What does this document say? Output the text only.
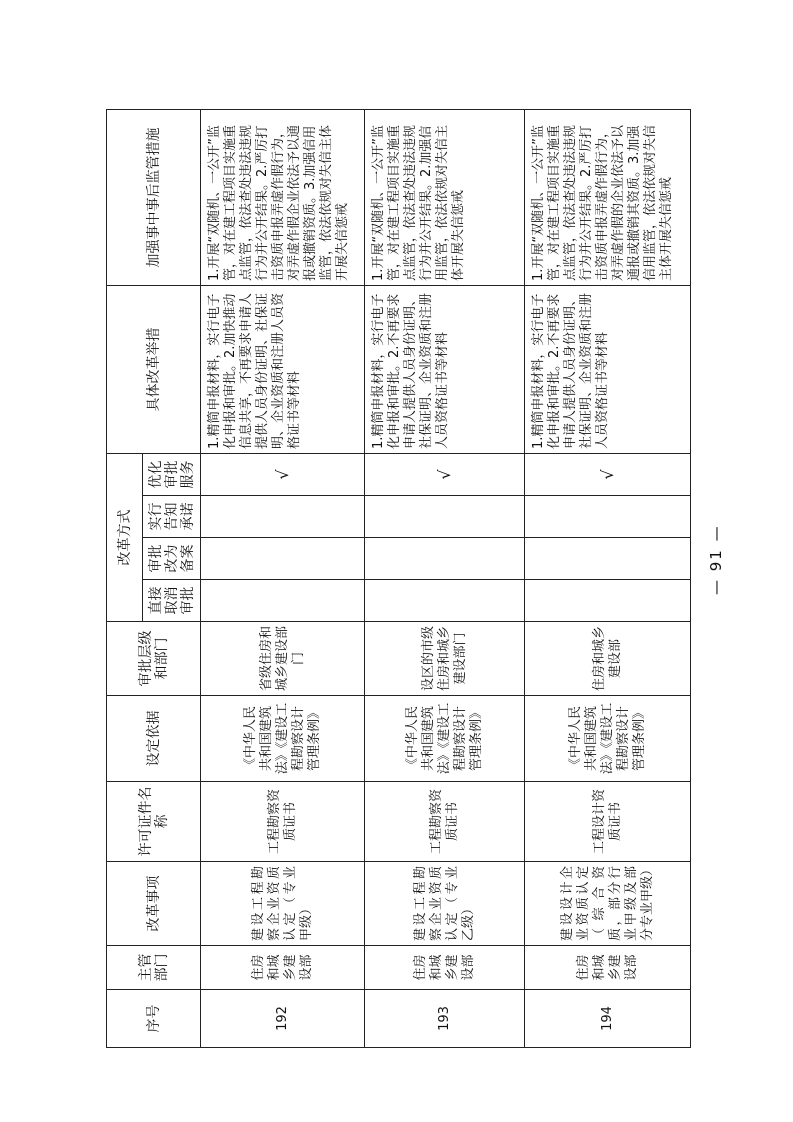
序号	主管部门	改革事项	许可证件名称	设定依据	审批层级和部门	改革方式				具体改革举措	加强事中事后监管措施
						直接取消审批	审批改为备案	实行告知承诺	优化审批服务		
192	住房和城乡建设部	建设工程勘察企业资质认定（专业甲级）	工程勘察资质证书	《中华人民共和国建筑法》《建设工程勘察设计管理条例》	省级住房和城乡建设部门				√	1.精简申报材料，实行电子化申报和审批。2.加快推动信息共享，不再要求申请人提供人员身份证明、社保证明、企业资质和注册人员资格证书等材料	1.开展“双随机、一公开”监管，对在建工程项目实施重点监管，依法查处违法违规行为并公开结果。2.严厉打击资质申报弄虚作假行为，对弄虚作假企业依法予以通报或撤销资质。3.加强信用监管，依法依规对失信主体开展失信惩戒
193	住房和城乡建设部	建设工程勘察企业资质认定（专业乙级）	工程勘察资质证书	《中华人民共和国建筑法》《建设工程勘察设计管理条例》	设区的市级住房和城乡建设部门				√	1.精简申报材料，实行电子化申报和审批。2.不再要求申请人提供人员身份证明、社保证明、企业资质和注册人员资格证书等材料	1.开展“双随机、一公开”监管，对在建工程项目实施重点监管，依法查处违法违规行为并公开结果。2.加强信用监管，依法依规对失信主体开展失信惩戒
194	住房和城乡建设部	建设设计企业资质认定（综合资质，部分行业甲级及部分专业甲级）	工程设计资质证书	《中华人民共和国建筑法》《建设工程勘察设计管理条例》	住房和城乡建设部				√	1.精简申报材料，实行电子化申报和审批。2.不再要求申请人提供人员身份证明、社保证明、企业资质和注册人员资格证书等材料	1.开展“双随机、一公开”监管，对在建工程项目实施重点监管，依法查处违法违规行为并公开结果。2.严厉打击资质申报弄虚作假行为，对弄虚作假的企业依法予以通报或撤销其资质。3.加强信用监管，依法依规对失信主体开展失信惩戒
— 91 —
